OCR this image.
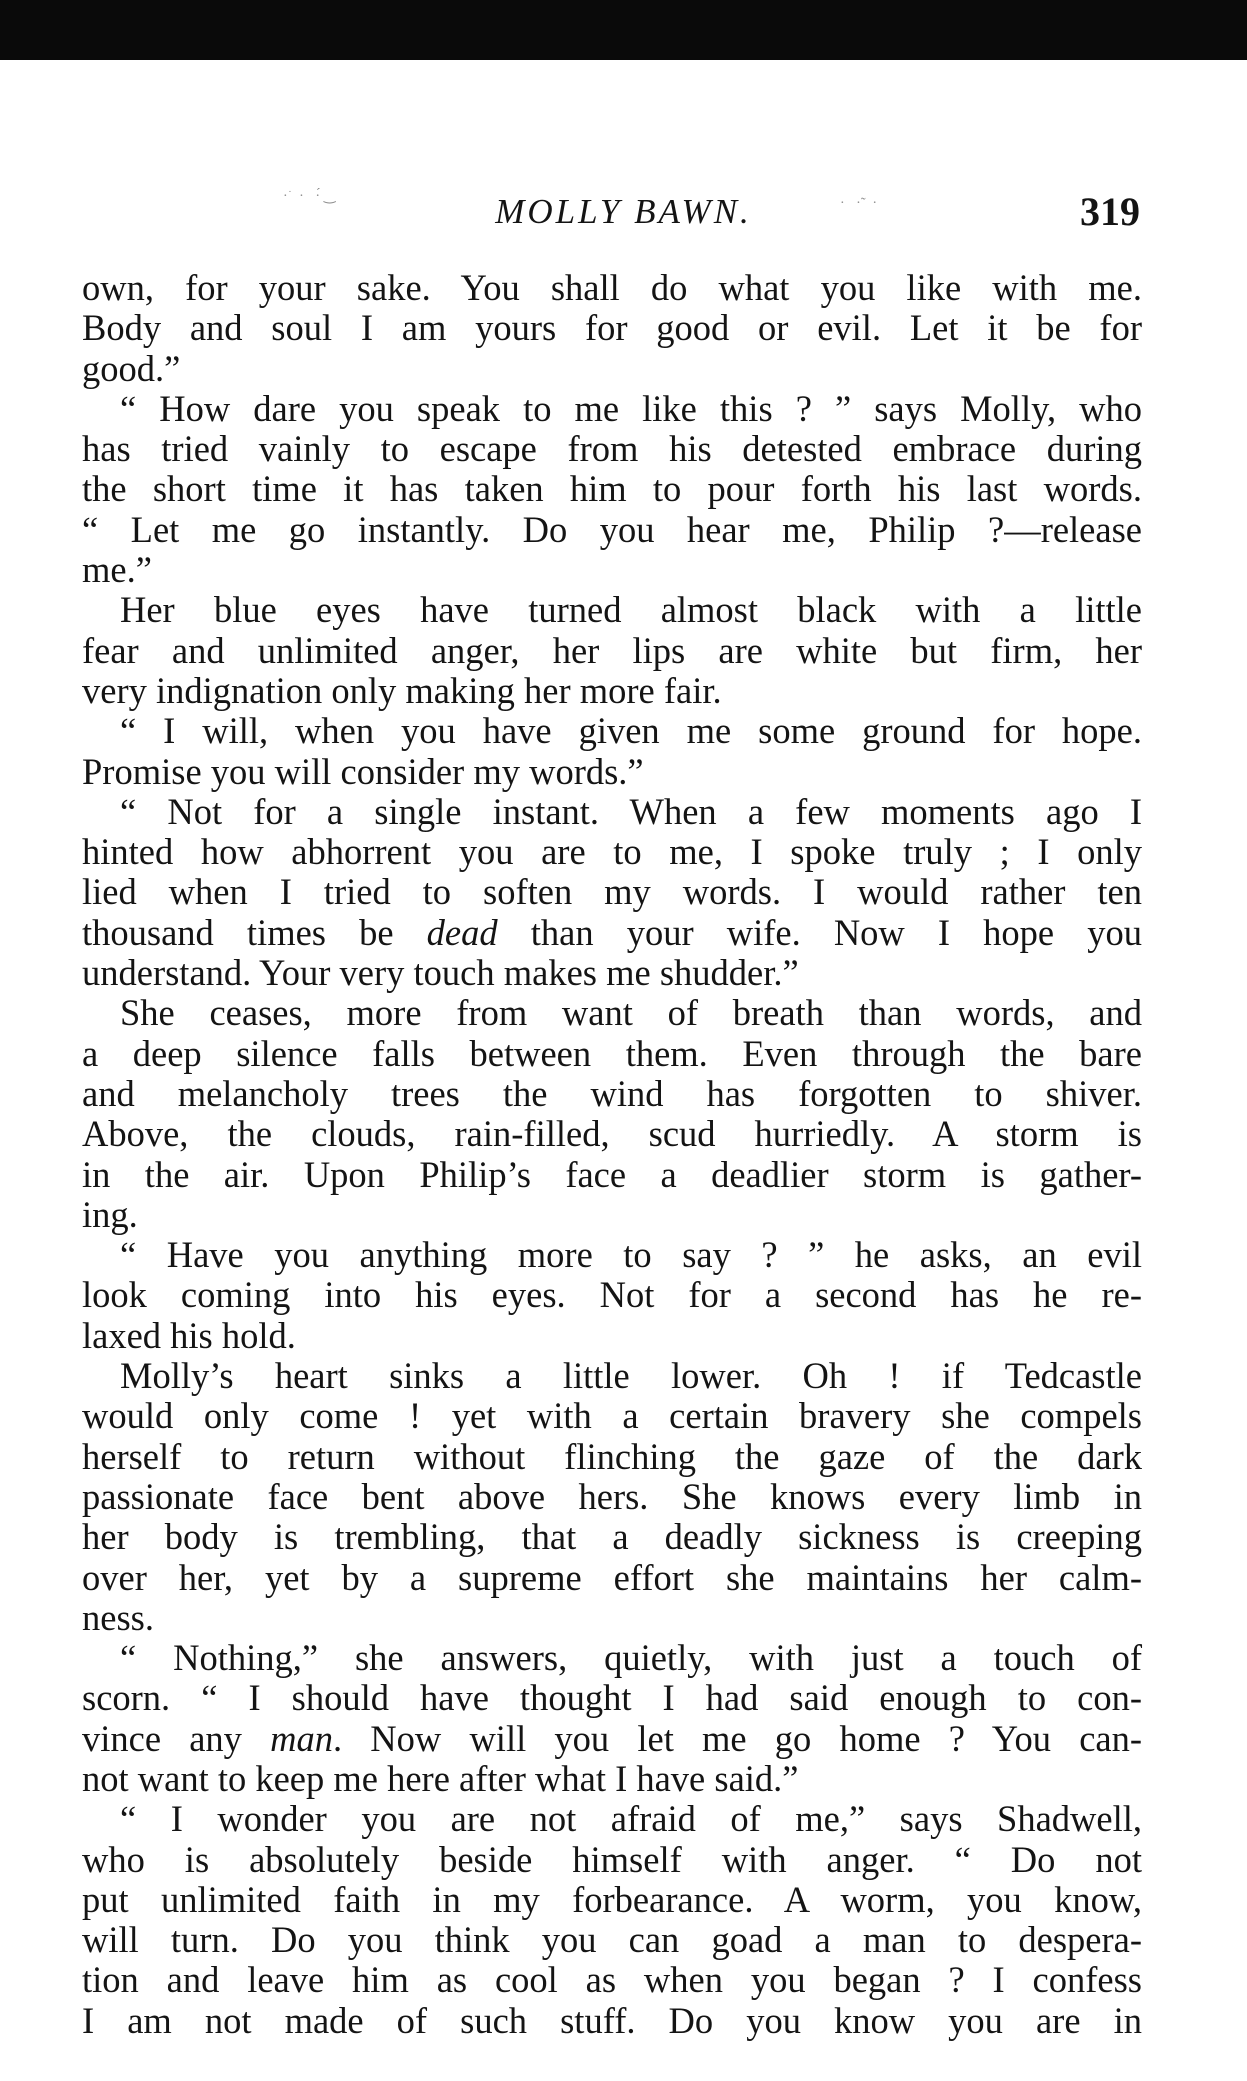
·͘ · ·́‿	MOLLY BAWN.	· ·̃ ·	319
own, for your sake. You shall do what you like with me.
Body and soul I am yours for good or evil. Let it be for
good.”
“ How dare you speak to me like this ? ” says Molly, who
has tried vainly to escape from his detested embrace during
the short time it has taken him to pour forth his last words.
“ Let me go instantly. Do you hear me, Philip ?—release
me.”
Her blue eyes have turned almost black with a little
fear and unlimited anger, her lips are white but firm, her
very indignation only making her more fair.
“ I will, when you have given me some ground for hope.
Promise you will consider my words.”
“ Not for a single instant. When a few moments ago I
hinted how abhorrent you are to me, I spoke truly ; I only
lied when I tried to soften my words. I would rather ten
thousand times be dead than your wife. Now I hope you
understand. Your very touch makes me shudder.”
She ceases, more from want of breath than words, and
a deep silence falls between them. Even through the bare
and melancholy trees the wind has forgotten to shiver.
Above, the clouds, rain-filled, scud hurriedly. A storm is
in the air. Upon Philip’s face a deadlier storm is gather-
ing.
“ Have you anything more to say ? ” he asks, an evil
look coming into his eyes. Not for a second has he re-
laxed his hold.
Molly’s heart sinks a little lower. Oh ! if Tedcastle
would only come ! yet with a certain bravery she compels
herself to return without flinching the gaze of the dark
passionate face bent above hers. She knows every limb in
her body is trembling, that a deadly sickness is creeping
over her, yet by a supreme effort she maintains her calm-
ness.
“ Nothing,” she answers, quietly, with just a touch of
scorn. “ I should have thought I had said enough to con-
vince any man. Now will you let me go home ? You can-
not want to keep me here after what I have said.”
“ I wonder you are not afraid of me,” says Shadwell,
who is absolutely beside himself with anger. “ Do not
put unlimited faith in my forbearance. A worm, you know,
will turn. Do you think you can goad a man to despera-
tion and leave him as cool as when you began ? I confess
I am not made of such stuff. Do you know you are in
